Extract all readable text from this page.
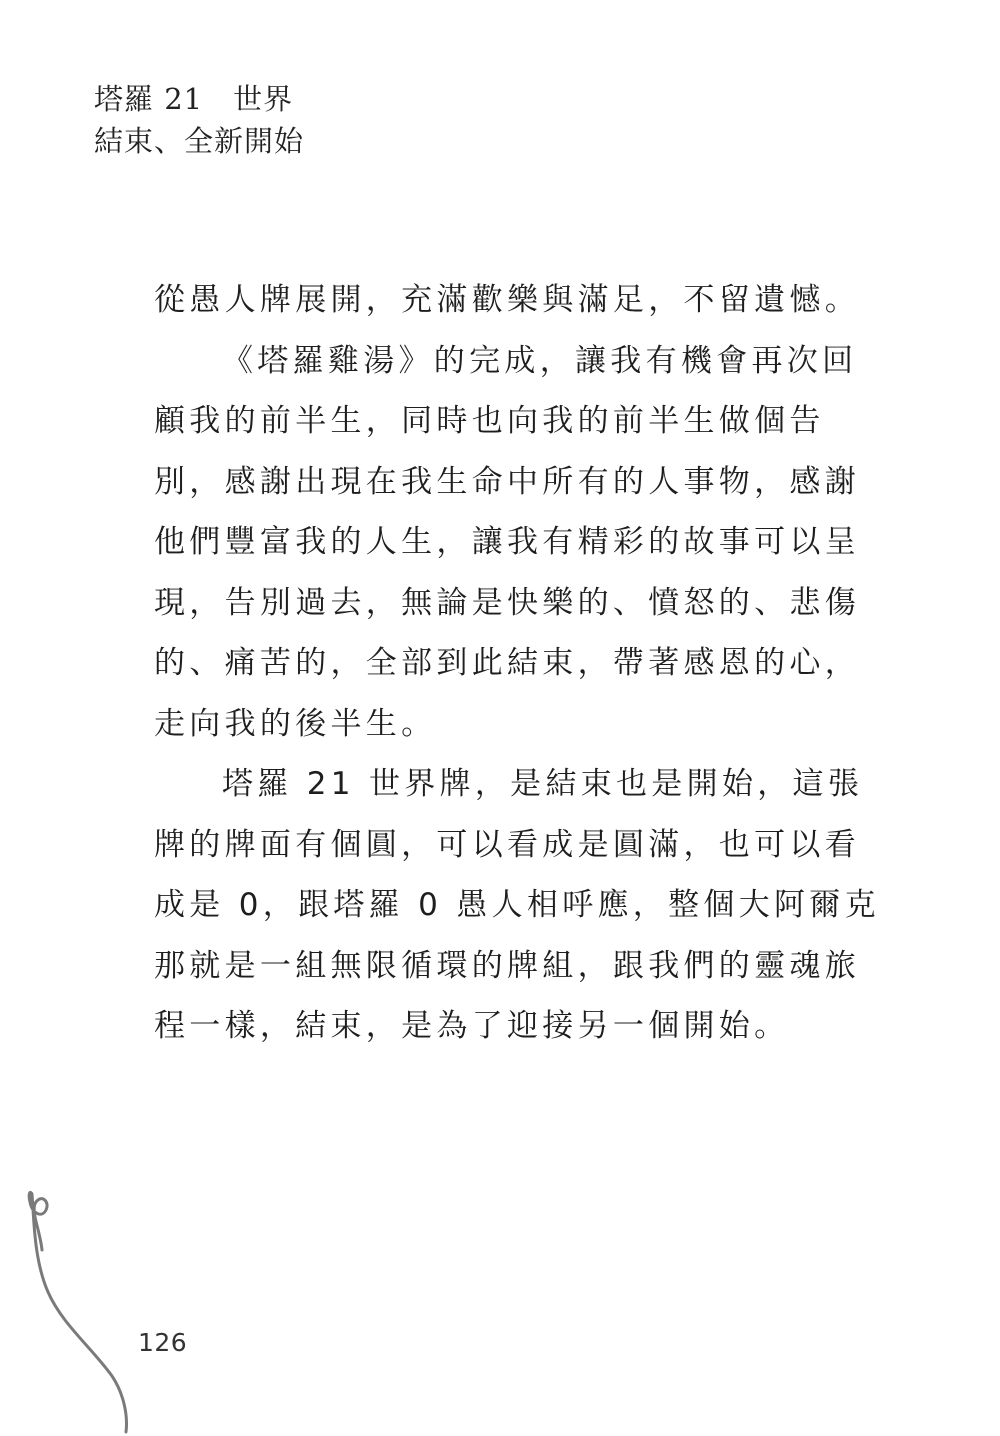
塔羅 21　世界
結束、全新開始
從愚人牌展開，充滿歡樂與滿足，不留遺憾。
《塔羅雞湯》的完成，讓我有機會再次回
顧我的前半生，同時也向我的前半生做個告
別，感謝出現在我生命中所有的人事物，感謝
他們豐富我的人生，讓我有精彩的故事可以呈
現，告別過去，無論是快樂的、憤怒的、悲傷
的、痛苦的，全部到此結束，帶著感恩的心，
走向我的後半生。
塔羅 21 世界牌，是結束也是開始，這張
牌的牌面有個圓，可以看成是圓滿，也可以看
成是 0，跟塔羅 0 愚人相呼應，整個大阿爾克
那就是一組無限循環的牌組，跟我們的靈魂旅
程一樣，結束，是為了迎接另一個開始。
126
